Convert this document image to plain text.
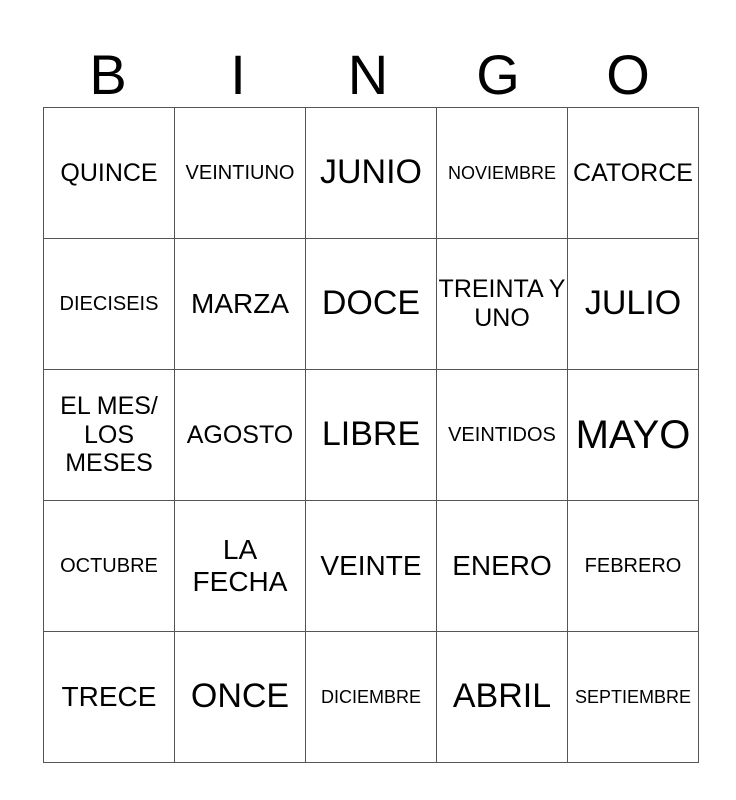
B	I	N	G	O
QUINCE	VEINTIUNO	JUNIO	NOVIEMBRE	CATORCE
DIECISEIS	MARZA	DOCE	TREINTA Y UNO	JULIO
EL MES/ LOS MESES	AGOSTO	LIBRE	VEINTIDOS	MAYO
OCTUBRE	LA FECHA	VEINTE	ENERO	FEBRERO
TRECE	ONCE	DICIEMBRE	ABRIL	SEPTIEMBRE
